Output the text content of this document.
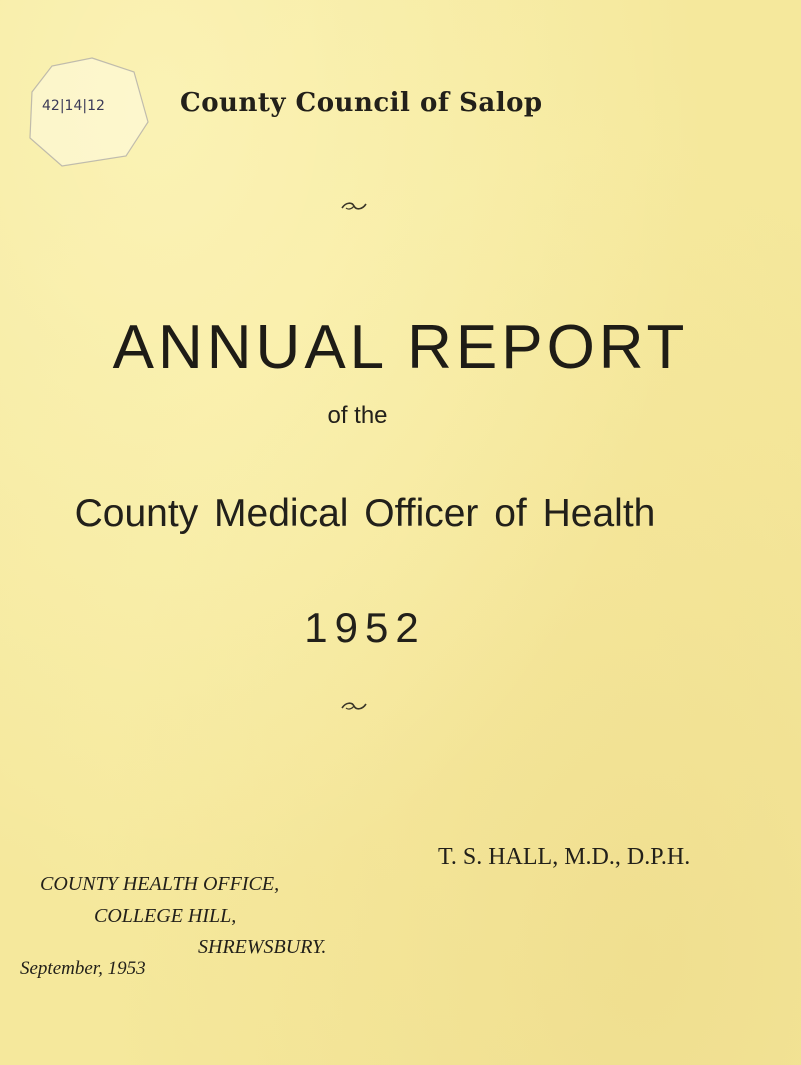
42|14|12	County Council of Salop
ANNUAL REPORT
of the
County Medical Officer of Health
1952
T. S. HALL, M.D., D.P.H.
COUNTY HEALTH OFFICE,
COLLEGE HILL,
SHREWSBURY.
September, 1953
